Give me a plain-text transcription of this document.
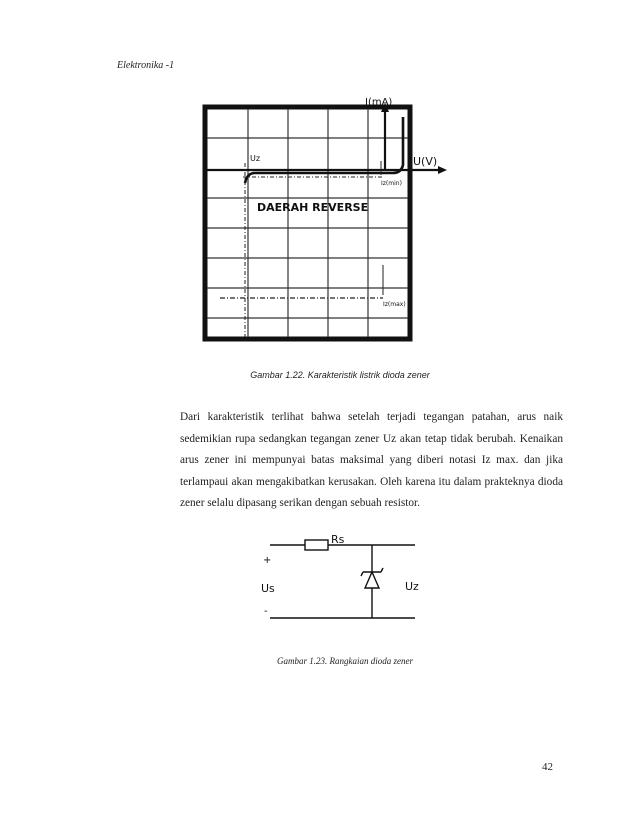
Elektronika -1
I(mA)
U(V)
Uz
Iz(min)
Iz(max)
DAERAH REVERSE
Gambar 1.22. Karakteristik listrik dioda zener

Dari karakteristik terlihat bahwa setelah terjadi tegangan patahan, arus naik sedemikian rupa sedangkan tegangan zener Uz akan tetap tidak berubah. Kenaikan arus zener ini mempunyai batas maksimal yang diberi notasi Iz max. dan jika terlampaui akan mengakibatkan kerusakan. Oleh karena itu dalam prakteknya dioda zener selalu dipasang serikan dengan sebuah resistor.

+
-
Rs
Us	Uz
Gambar 1.23. Rangkaian dioda zener
42
